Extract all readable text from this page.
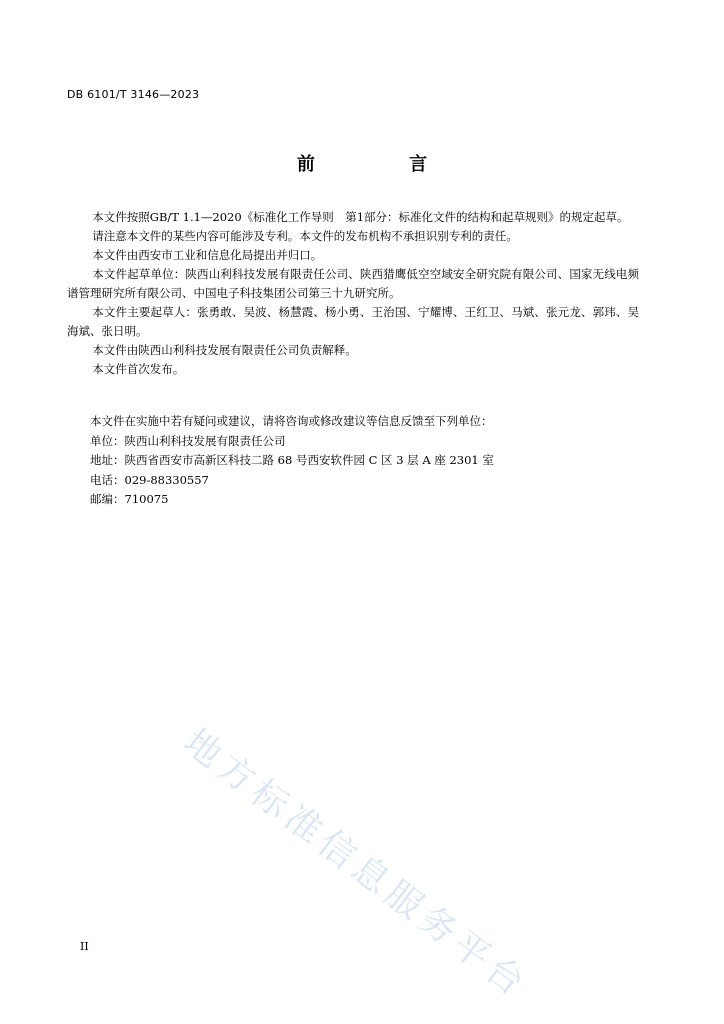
DB 6101/T 3146—2023
前 言

本文件按照GB/T 1.1—2020《标准化工作导则　第1部分：标准化文件的结构和起草规则》的规定起草。

请注意本文件的某些内容可能涉及专利。本文件的发布机构不承担识别专利的责任。

本文件由西安市工业和信息化局提出并归口。

本文件起草单位：陕西山利科技发展有限责任公司、陕西猎鹰低空空域安全研究院有限公司、国家无线电频谱管理研究所有限公司、中国电子科技集团公司第三十九研究所。

本文件主要起草人：张勇敢、吴波、杨慧霞、杨小勇、王治国、宁耀博、王红卫、马斌、张元龙、郭玮、吴海斌、张日明。

本文件由陕西山利科技发展有限责任公司负责解释。

本文件首次发布。

本文件在实施中若有疑问或建议，请将咨询或修改建议等信息反馈至下列单位：
单位：陕西山利科技发展有限责任公司
地址：陕西省西安市高新区科技二路 68 号西安软件园 C 区 3 层 A 座 2301 室
电话：029-88330557
邮编：710075
地方标准信息服务平台
II
